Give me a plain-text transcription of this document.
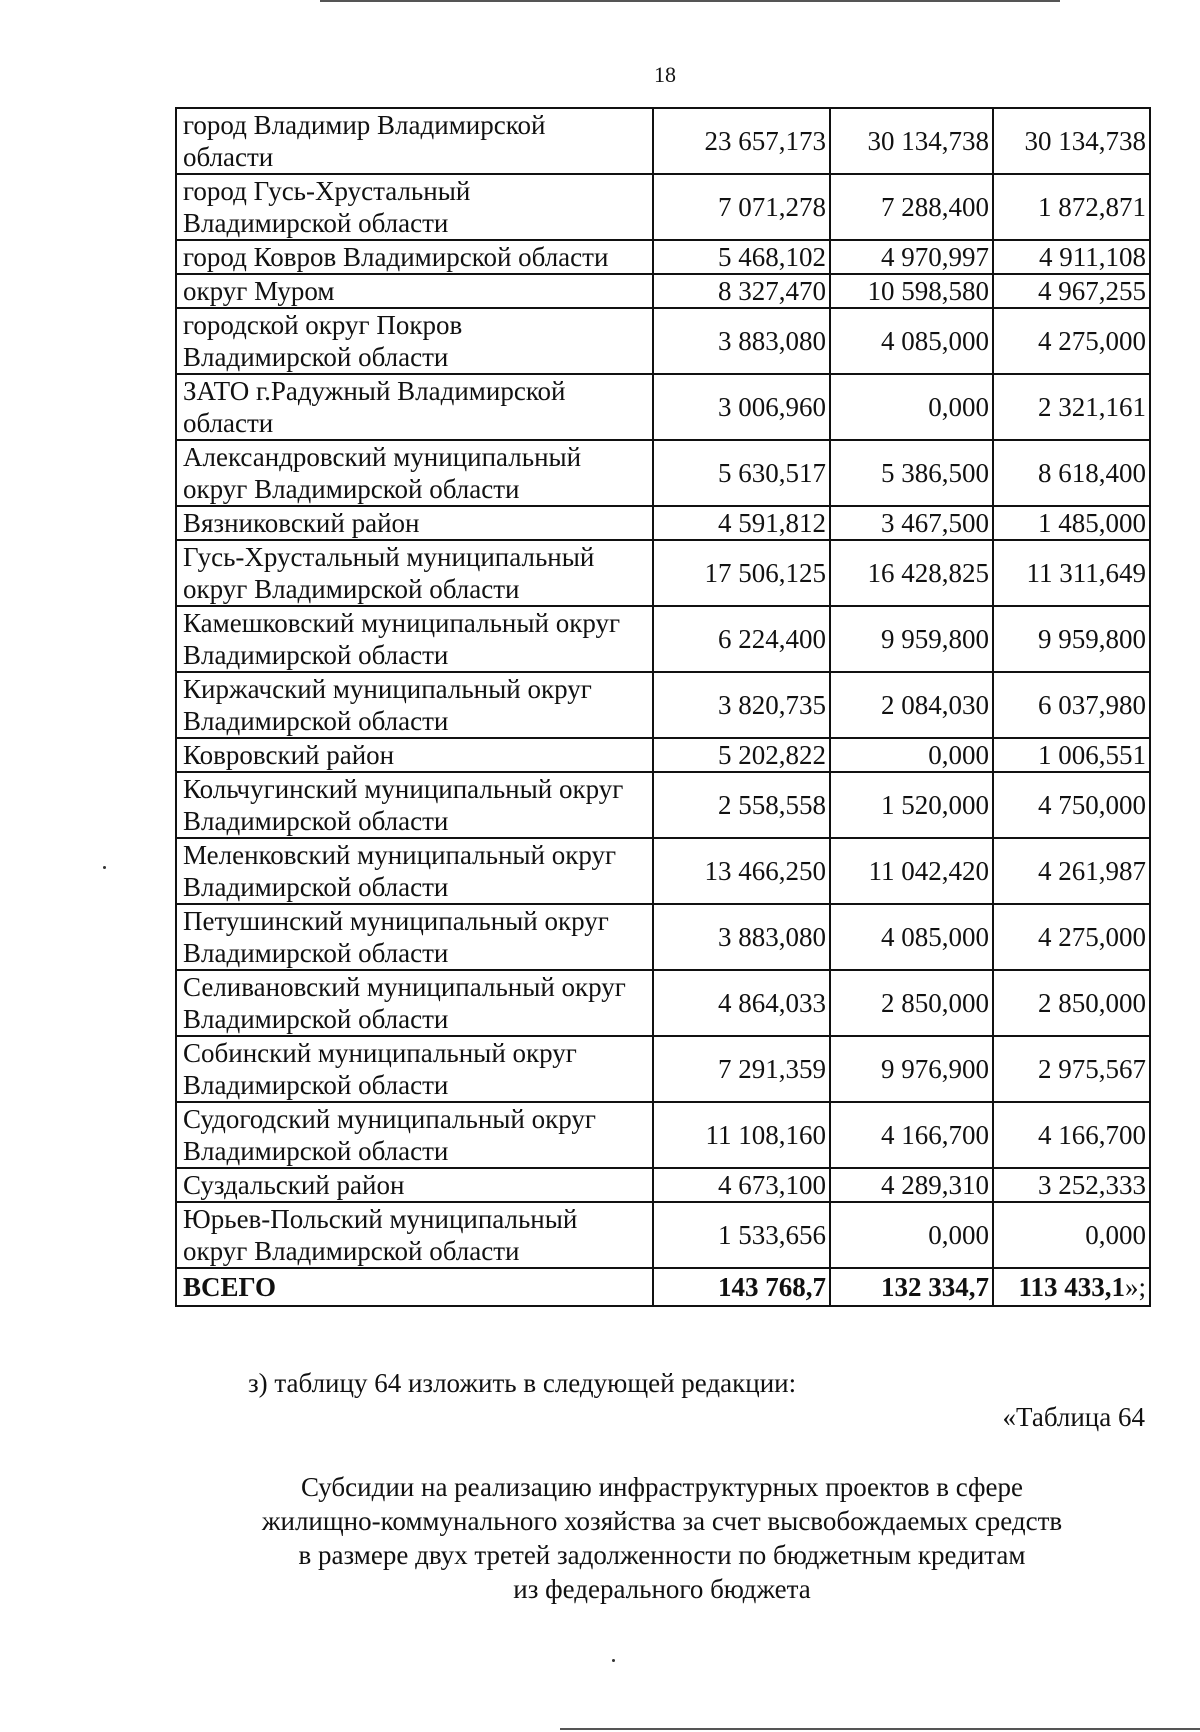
18
город Владимир Владимирской
области	23 657,173	30 134,738	30 134,738

город Гусь-Хрустальный
Владимирской области	7 071,278	7 288,400	1 872,871

город Ковров Владимирской области	5 468,102	4 970,997	4 911,108

округ Муром	8 327,470	10 598,580	4 967,255

городской округ Покров
Владимирской области	3 883,080	4 085,000	4 275,000

ЗАТО г.Радужный Владимирской
области	3 006,960	0,000	2 321,161

Александровский муниципальный
округ Владимирской области	5 630,517	5 386,500	8 618,400

Вязниковский район	4 591,812	3 467,500	1 485,000

Гусь-Хрустальный муниципальный
округ Владимирской области	17 506,125	16 428,825	11 311,649

Камешковский муниципальный округ
Владимирской области	6 224,400	9 959,800	9 959,800

Киржачский муниципальный округ
Владимирской области	3 820,735	2 084,030	6 037,980

Ковровский район	5 202,822	0,000	1 006,551

Кольчугинский муниципальный округ
Владимирской области	2 558,558	1 520,000	4 750,000

Меленковский муниципальный округ
Владимирской области	13 466,250	11 042,420	4 261,987

Петушинский муниципальный округ
Владимирской области	3 883,080	4 085,000	4 275,000

Селивановский муниципальный округ
Владимирской области	4 864,033	2 850,000	2 850,000

Собинский муниципальный округ
Владимирской области	7 291,359	9 976,900	2 975,567

Судогодский муниципальный округ
Владимирской области	11 108,160	4 166,700	4 166,700

Суздальский район	4 673,100	4 289,310	3 252,333

Юрьев-Польский муниципальный
округ Владимирской области	1 533,656	0,000	0,000
ВСЕГО	143 768,7	132 334,7	113 433,1»;
з) таблицу 64 изложить в следующей редакции:
«Таблица 64
Субсидии на реализацию инфраструктурных проектов в сфере
жилищно-коммунального хозяйства за счет высвобождаемых средств
в размере двух третей задолженности по бюджетным кредитам
из федерального бюджета
